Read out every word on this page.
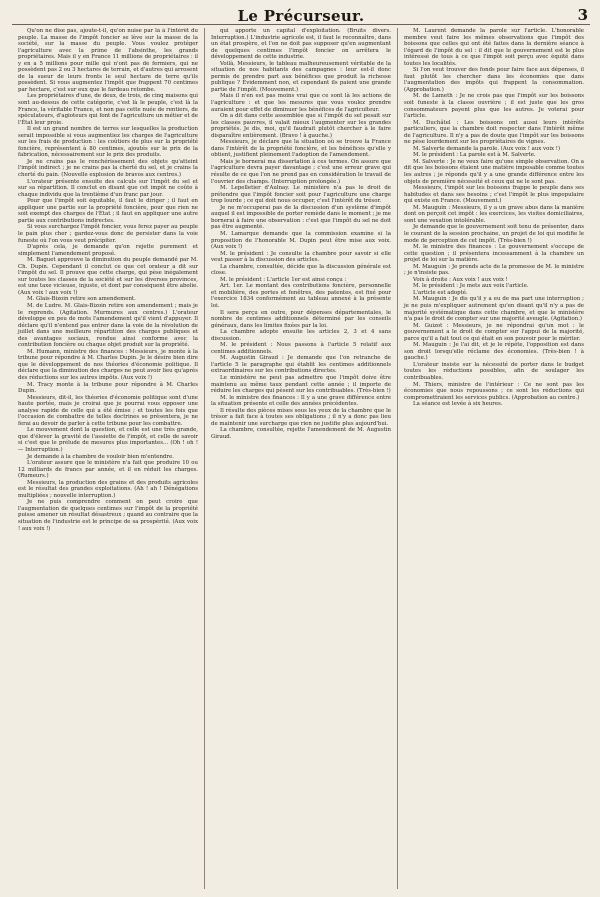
Le Précurseur.	3

Qu'on ne dise pas, ajoute-t-il, qu'on nuise par là à l'intérêt du peuple. La masse de l'impôt foncier se lève sur la masse de la société, sur la masse du peuple. Vous voulez protéger l'agriculture avec la prime de l'absinthe, les grands propriétaires. Mais il y en France 11 millions de propriétaires : il y en a 5 millions pour mille qui n'ont pas de fermiers, qui ne possèdent pas 2 ou 3 hectares de terrain, et d'autres qui arrosent de la sueur de leurs fronts le seul hectare de terre qu'ils possèdent. Si vous augmentez l'impôt que frappent 70 centimes par hectare, c'est sur eux que le fardeau retombe.

Les propriétaires d'une, de deux, de trois, de cinq maisons qui sont au-dessus de cette catégorie, c'est là le peuple, c'est là la France, la véritable France, et non pas cette nuée de rentiers, de spéculateurs, d'agioteurs qui font de l'agriculture un métier et de l'État leur proie.

Il est un grand nombre de terres sur lesquelles la production serait impossible si vous augmentiez les charges de l'agriculture sur les frais de production : les coûtiers de plus sur la propriété foncière, représentent à 80 centimes, ajoutés sur le prix de la fabrication, nécessairement sur le prix des produits.

Je ne crains pas le renchérissement des objets qu'atteint l'impôt indirect ; je ne crains pas la cherté du sel, et je crains la cherté du pain. (Nouvelle explosion de bravos aux centres.)

L'orateur présente ensuite des calculs sur l'impôt du sel et sur sa répartition. Il conclut en disant que cet impôt ne coûte à chaque individu que la trentième d'un franc par jour.

Pour que l'impôt soit équitable, il faut le diriger ; il faut en appliquer une partie sur la propriété foncière, pour que rien ne soit exempt des charges de l'État ; il faut en appliquer une autre partie aux contributions indirectes.

Si vous surchargez l'impôt foncier, vous ferez payer au peuple le pain plus cher ; gardez-vous donc de persister dans la voie funeste où l'on vous veut précipiter.

D'après cela, je demande qu'on rejette purement et simplement l'amendement proposé.

M. Baguet approuve la diminution du peuple demandé par M. Ch. Dupin. Cependant il conclut ce que cet orateur a dit sur l'impôt du sel. Il prouve que cette charge, qui pèse inégalement sur toutes les classes de la société et sur les diverses provinces, est une taxe vicieuse, injuste, et dont par conséquent être abolie. (Aux voix ! aux voix !)

M. Glais-Bizoin retire son amendement.

M. de Ludre. M. Glais-Bizoin retire son amendement ; mais je le reprends. (Agitation. Murmures aux centres.) L'orateur développe en peu de mots l'amendement qu'il vient d'appuyer. Il déclare qu'il n'entend pas entrer dans la voie de la révolution de juillet dans une meilleure répartition des charges publiques et des avantages sociaux, rendue ainsi conforme avec la contribution foncière ou chaque objet produit sur la propriété.

M. Humann, ministre des finances : Messieurs, je monte à la tribune pour répondre à M. Charles Dupin. Je le désire bien dire que le développement de nos théories d'économie politique. Il déclare que la diminution des charges ne peut avoir lieu qu'après des réductions sur les autres impôts. (Aux voix !)

M. Tracy monte à la tribune pour répondre à M. Charles Dupin.

Messieurs, dit-il, les théories d'économie politique sont d'une haute portée, mais je croirai que je pourrai vous opposer une analyse rapide de celle qui a été émise ; et toutes les fois que l'occasion de combattre de telles doctrines se présentera, je ne ferai au devoir de parler à cette tribune pour les combattre.

Le mouvement dont la question, et celle est une très grande, que d'élever la gravité de l'assiette de l'impôt, et celle de savoir si c'est que le prélude de mesures plus importantes... (Oh ! oh ! — Interruption.)

Je demande à la chambre de vouloir bien m'entendre.

L'orateur assure que le ministère n'a fait que produire 10 ou 12 milliards de francs par année, et il en réduit les charges. (Rumeurs.)

Messieurs, la production des grains et des produits agricoles est le résultat des grandes exploitations. (Ah ! ah ! Dénégations multipliées ; nouvelle interruption.)

Je ne puis comprendre comment on peut croire que l'augmentation de quelques centimes sur l'impôt de la propriété puisse amener un résultat désastreux ; quand au contraire que la situation de l'industrie est le principe de sa prospérité. (Aux voix ! aux voix !)

qui apporte un capital d'exploitation. (Bruits divers. Interruption.) L'industrie agricole est, il faut le reconnaître, dans un état prospère, et l'on ne doit pas supposer qu'en augmentant de quelques centimes l'impôt foncier on arrêtera le développement de cette industrie.

Voilà, Messieurs, le tableau malheureusement véritable de la situation de nos habitants des campagnes : leur est-il donc permis de prendre part aux bénéfices que produit la richesse publique ? Évidemment non, et cependant ils paient une grande partie de l'impôt. (Mouvement.)

Mais il n'en est pas moins vrai que ce sont là les actions de l'agriculture : et que les mesures que vous voulez prendre auraient pour effet de diminuer les bénéfices de l'agriculteur.

On a dit dans cette assemblée que si l'impôt du sel pesait sur les classes pauvres, il valait mieux l'augmenter sur les grandes propriétés. Je dis, moi, qu'il faudrait plutôt chercher à le faire disparaître entièrement. (Bravo ! à gauche.)

Messieurs, je déclare que la situation où se trouve la France dans l'intérêt de la propriété foncière, et les bénéfices qu'elle y obtient, justifient pleinement l'adoption de l'amendement.

Mais je bornerai ma dissertation à ces termes. On assure que l'agriculture devra payer davantage ; c'est une erreur grave qui résulte de ce que l'on ne prend pas en considération le travail de l'ouvrier des champs. (Interruption prolongée.)

M. Lepelletier d'Aulnay. Le ministère n'a pas le droit de prétendre que l'impôt foncier soit pour l'agriculture une charge trop lourde ; ce qui doit nous occuper, c'est l'intérêt du trésor.

Je ne m'occuperai pas de la discussion d'un système d'impôt auquel il est impossible de porter remède dans le moment ; je me bornerai à faire une observation : c'est que l'impôt du sel ne doit pas être augmenté.

M. Lamarque demande que la commission examine si la proposition de l'honorable M. Dupin peut être mise aux voix. (Aux voix !)

M. le président : Je consulte la chambre pour savoir si elle veut passer à la discussion des articles.

La chambre, consultée, décide que la discussion générale est close.

M. le président : L'article 1er est ainsi conçu :

Art. 1er. Le montant des contributions foncière, personnelle et mobilière, des portes et fenêtres, des patentes, est fixé pour l'exercice 1834 conformément au tableau annexé à la présente loi.

Il sera perçu en outre, pour dépenses départementales, le nombre de centimes additionnels déterminé par les conseils généraux, dans les limites fixées par la loi.

La chambre adopte ensuite les articles 2, 3 et 4 sans discussion.

M. le président : Nous passons à l'article 5 relatif aux centimes additionnels.

M. Augustin Giraud : Je demande que l'on retranche de l'article 5 le paragraphe qui établit les centimes additionnels extraordinaires sur les contributions directes.

Le ministère ne peut pas admettre que l'impôt doive être maintenu au même taux pendant cette année ; il importe de réduire les charges qui pèsent sur les contribuables. (Très-bien !)

M. le ministre des finances : Il y a une grave différence entre la situation présente et celle des années précédentes.

Il résulte des pièces mises sous les yeux de la chambre que le trésor a fait face à toutes ses obligations ; il n'y a donc pas lieu de maintenir une surcharge que rien ne justifie plus aujourd'hui.

La chambre, consultée, rejette l'amendement de M. Augustin Giraud.

M. Laurent demande la parole sur l'article. L'honorable membre veut faire les mêmes observations que l'impôt des boissons que celles qui ont été faites dans la dernière séance à l'égard de l'impôt du sel : il dit que le gouvernement est le plus intéressé de tous à ce que l'impôt soit perçu avec équité dans toutes les localités.

Si l'on veut trouver des fonds pour faire face aux dépenses, il faut plutôt les chercher dans les économies que dans l'augmentation des impôts qui frappent la consommation. (Approbation.)

M. de Lameth : Je ne crois pas que l'impôt sur les boissons soit funeste à la classe ouvrière ; il est juste que les gros consommateurs payent plus que les autres. Je voterai pour l'article.

M. Duchâtel : Les boissons ont aussi leurs intérêts particuliers, que la chambre doit respecter dans l'intérêt même de l'agriculture. Il n'y a pas de doute que l'impôt sur les boissons ne pèse lourdement sur les propriétaires de vignes.

M. Salverte demande la parole. (Aux voix ! aux voix !)

M. le président : La parole est à M. Salverte.

M. Salverte : Je ne veux faire qu'une simple observation. On a dit que les boissons étaient une matière imposable comme toutes les autres ; je réponds qu'il y a une grande différence entre les objets de première nécessité et ceux qui ne le sont pas.

Messieurs, l'impôt sur les boissons frappe le peuple dans ses habitudes et dans ses besoins ; c'est l'impôt le plus impopulaire qui existe en France. (Mouvement.)

M. Mauguin : Messieurs, il y a un grave abus dans la manière dont on perçoit cet impôt : les exercices, les visites domiciliaires, sont une vexation intolérable.

Je demande que le gouvernement soit tenu de présenter, dans le courant de la session prochaine, un projet de loi qui modifie le mode de perception de cet impôt. (Très-bien !)

M. le ministre des finances : Le gouvernement s'occupe de cette question ; il présentera incessamment à la chambre un projet de loi sur la matière.

M. Mauguin : Je prends acte de la promesse de M. le ministre ; je n'insiste pas.

Voix à droite : Aux voix ! aux voix !

M. le président : Je mets aux voix l'article.

L'article est adopté.

M. Mauguin : Je dis qu'il y a eu de ma part une interruption ; je ne puis m'expliquer autrement qu'en disant qu'il n'y a pas de majorité systématique dans cette chambre, et que le ministère n'a pas le droit de compter sur une majorité aveugle. (Agitation.)

M. Guizot : Messieurs, je ne répondrai qu'un mot : le gouvernement a le droit de compter sur l'appui de la majorité, parce qu'il a fait tout ce qui était en son pouvoir pour le mériter.

M. Mauguin : Je l'ai dit, et je le répète, l'opposition est dans son droit lorsqu'elle réclame des économies. (Très-bien ! à gauche.)

L'orateur insiste sur la nécessité de porter dans le budget toutes les réductions possibles, afin de soulager les contribuables.

M. Thiers, ministre de l'intérieur : Ce ne sont pas les économies que nous repoussons ; ce sont les réductions qui compromettraient les services publics. (Approbation au centre.)

La séance est levée à six heures.
